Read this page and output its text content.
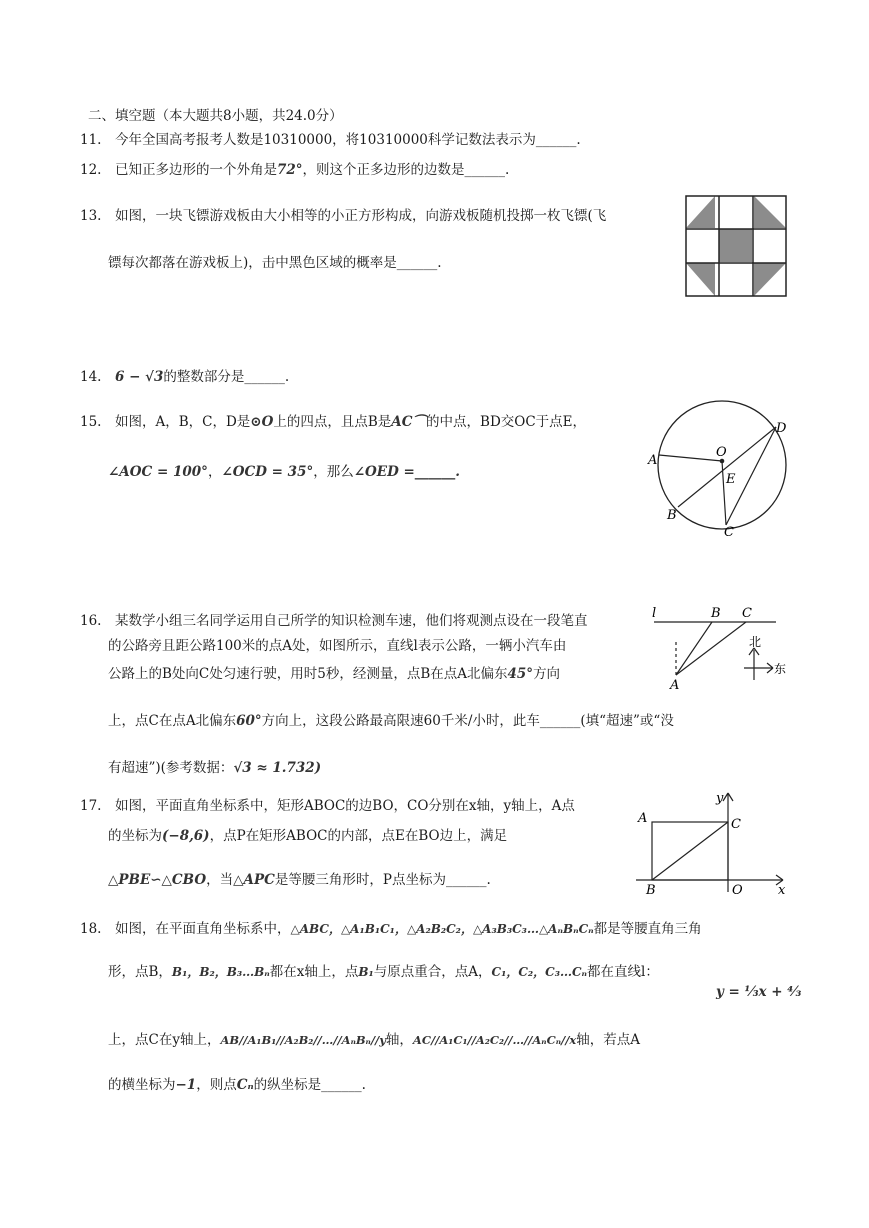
二、填空题（本大题共8小题，共24.0分）
11.　今年全国高考报考人数是10310000，将10310000科学记数法表示为______.
12.　已知正多边形的一个外角是72°，则这个正多边形的边数是______.
13.　如图，一块飞镖游戏板由大小相等的小正方形构成，向游戏板随机投掷一枚飞镖(飞
镖每次都落在游戏板上)，击中黑色区域的概率是______.
14.　6 − √3的整数部分是______.
15.　如图，A，B，C，D是⊙O上的四点，且点B是AC⌒的中点，BD交OC于点E，
∠AOC = 100°，∠OCD = 35°，那么∠OED =______.
A
B
C
D
O
E
16.　某数学小组三名同学运用自己所学的知识检测车速，他们将观测点设在一段笔直
的公路旁且距公路100米的点A处，如图所示，直线l表示公路，一辆小汽车由
公路上的B处向C处匀速行驶，用时5秒，经测量，点B在点A北偏东45°方向
上，点C在点A北偏东60°方向上，这段公路最高限速60千米/小时，此车______(填“超速”或“没
有超速”)(参考数据：√3 ≈ 1.732)
l	B C
A
北
东
17.　如图，平面直角坐标系中，矩形ABOC的边BO，CO分别在x轴，y轴上，A点
的坐标为(−8,6)，点P在矩形ABOC的内部，点E在BO边上，满足
△PBE∽△CBO，当△APC是等腰三角形时，P点坐标为______.
y
A	C
B	O	x
18.　如图，在平面直角坐标系中，△ABC，△A₁B₁C₁，△A₂B₂C₂，△A₃B₃C₃…△AₙBₙCₙ都是等腰直角三角
形，点B，B₁，B₂，B₃…Bₙ都在x轴上，点B₁与原点重合，点A，C₁，C₂，C₃…Cₙ都在直线l：
y = ⅓x + ⁴⁄₃
上，点C在y轴上，AB//A₁B₁//A₂B₂//…//AₙBₙ//y轴，AC//A₁C₁//A₂C₂//…//AₙCₙ//x轴，若点A
的横坐标为−1，则点Cₙ的纵坐标是______.
